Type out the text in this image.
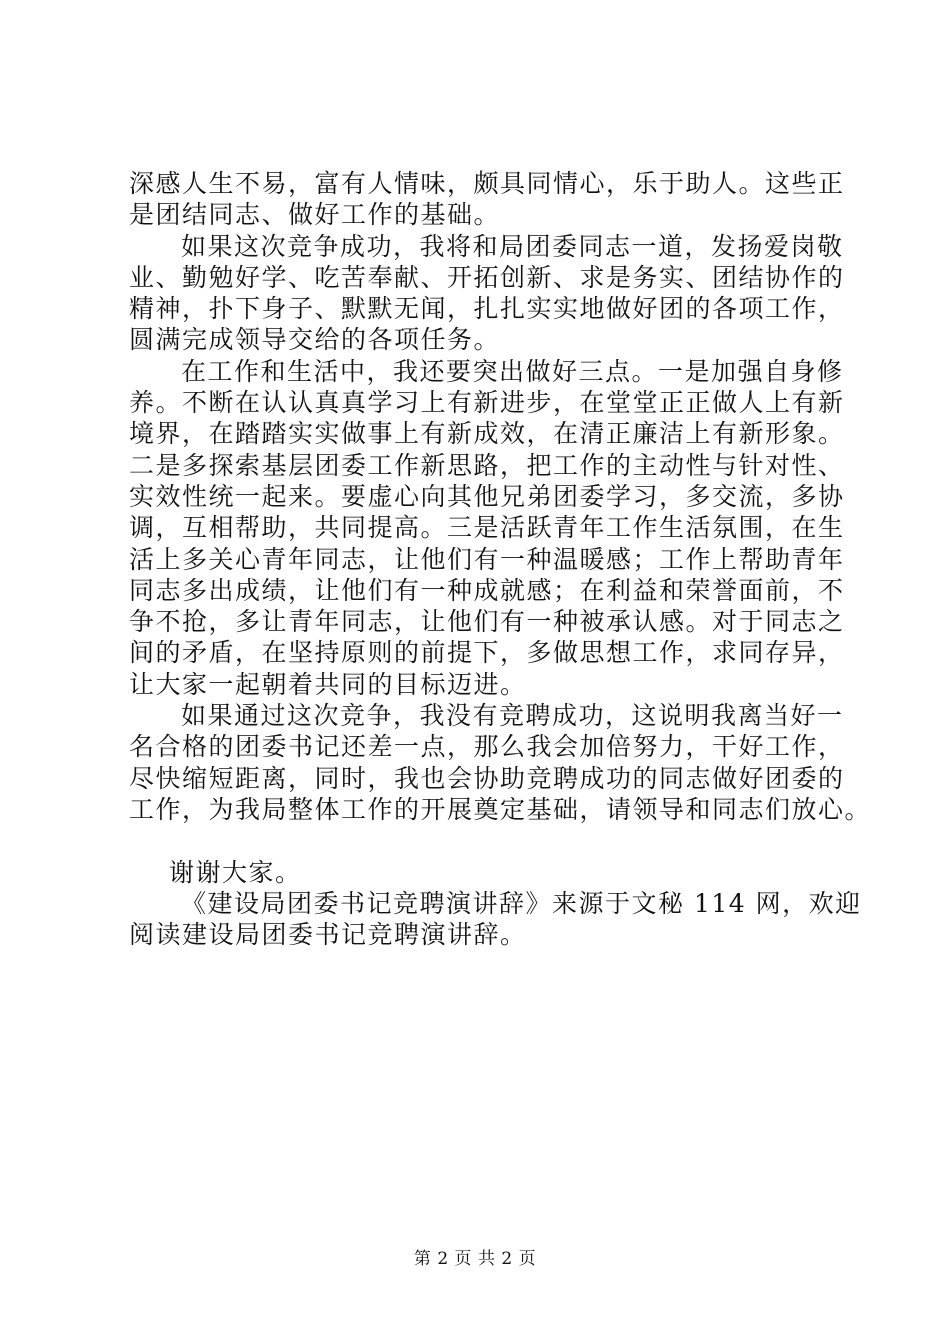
深感人生不易，富有人情味，颇具同情心，乐于助人。这些正
是团结同志、做好工作的基础。
如果这次竞争成功，我将和局团委同志一道，发扬爱岗敬
业、勤勉好学、吃苦奉献、开拓创新、求是务实、团结协作的
精神，扑下身子、默默无闻，扎扎实实地做好团的各项工作，
圆满完成领导交给的各项任务。
在工作和生活中，我还要突出做好三点。一是加强自身修
养。不断在认认真真学习上有新进步，在堂堂正正做人上有新
境界，在踏踏实实做事上有新成效，在清正廉洁上有新形象。
二是多探索基层团委工作新思路，把工作的主动性与针对性、
实效性统一起来。要虚心向其他兄弟团委学习，多交流，多协
调，互相帮助，共同提高。三是活跃青年工作生活氛围，在生
活上多关心青年同志，让他们有一种温暖感；工作上帮助青年
同志多出成绩，让他们有一种成就感；在利益和荣誉面前，不
争不抢，多让青年同志，让他们有一种被承认感。对于同志之
间的矛盾，在坚持原则的前提下，多做思想工作，求同存异，
让大家一起朝着共同的目标迈进。
如果通过这次竞争，我没有竞聘成功，这说明我离当好一
名合格的团委书记还差一点，那么我会加倍努力，干好工作，
尽快缩短距离，同时，我也会协助竞聘成功的同志做好团委的
工作，为我局整体工作的开展奠定基础，请领导和同志们放心。
谢谢大家。
《建设局团委书记竞聘演讲辞》来源于文秘 114 网，欢迎
阅读建设局团委书记竞聘演讲辞。
第 2 页 共 2 页
